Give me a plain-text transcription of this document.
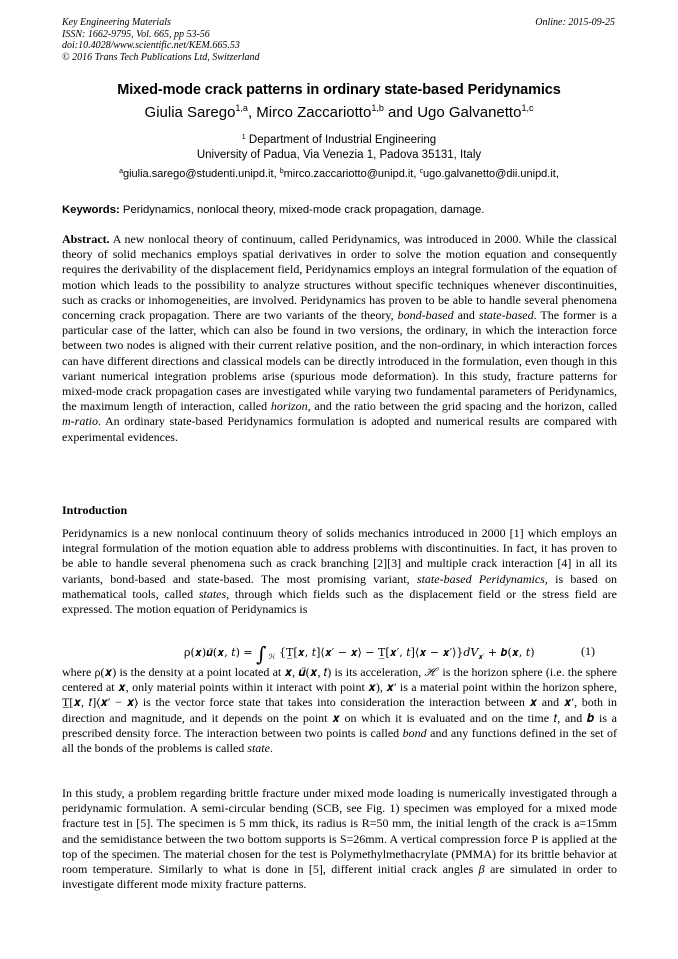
Key Engineering Materials
ISSN: 1662-9795, Vol. 665, pp 53-56
doi:10.4028/www.scientific.net/KEM.665.53
© 2016 Trans Tech Publications Ltd, Switzerland
Online: 2015-09-25
Mixed-mode crack patterns in ordinary state-based Peridynamics
Giulia Sarego$^{1,a}$, Mirco Zaccariotto$^{1,b}$ and Ugo Galvanetto$^{1,c}$
$^1$ Department of Industrial Engineering
University of Padua, Via Venezia 1, Padova 35131, Italy
$^a$giulia.sarego@studenti.unipd.it, $^b$mirco.zaccariotto@unipd.it, $^c$ugo.galvanetto@dii.unipd.it,
Keywords: Peridynamics, nonlocal theory, mixed-mode crack propagation, damage.
Abstract. A new nonlocal theory of continuum, called Peridynamics, was introduced in 2000. While the classical theory of solid mechanics employs spatial derivatives in order to solve the motion equation and consequently requires the derivability of the displacement field, Peridynamics employs an integral formulation of the equation of motion which leads to the possibility to analyze structures without specific techniques whenever discontinuities, such as cracks or inhomogeneities, are involved. Peridynamics has proven to be able to handle several phenomena concerning crack propagation. There are two variants of the theory, bond-based and state-based. The former is a particular case of the latter, which can also be found in two versions, the ordinary, in which the interaction force between two nodes is aligned with their current relative position, and the non-ordinary, in which interaction forces can have different directions and classical models can be directly introduced in the formulation, even though in this variant numerical integration problems arise (spurious mode deformation). In this study, fracture patterns for mixed-mode crack propagation cases are investigated while varying two fundamental parameters of Peridynamics, the maximum length of interaction, called horizon, and the ratio between the grid spacing and the horizon, called m-ratio. An ordinary state-based Peridynamics formulation is adopted and numerical results are compared with experimental evidences.
Introduction
Peridynamics is a new nonlocal continuum theory of solids mechanics introduced in 2000 [1] which employs an integral formulation of the motion equation able to address problems with discontinuities. In fact, it has proven to be able to handle several phenomena such as crack branching [2][3] and multiple crack interaction [4] in all its variants, bond-based and state-based. The most promising variant, state-based Peridynamics, is based on mathematical tools, called states, through which fields such as the displacement field or the stress field are expressed. The motion equation of Peridynamics is
ρ(𝒙)𝒖̈(𝒙, 𝑡) = ∫ $_ℋ$ {T̲[𝒙, 𝑡]⟨𝒙′ − 𝒙⟩ − T̲[𝒙′, 𝑡]⟨𝒙 − 𝒙′⟩}𝑑𝑉$_{𝒙'}$ + 𝒃(𝒙, 𝑡)	(1)
where ρ(𝒙) is the density at a point located at 𝒙, 𝒖̈(𝒙, 𝑡) is its acceleration, ℋ is the horizon sphere (i.e. the sphere centered at 𝒙, only material points within it interact with point 𝒙), 𝒙′ is a material point within the horizon sphere, T̲[𝒙, 𝑡]⟨𝒙′ − 𝒙⟩ is the vector force state that takes into consideration the interaction between 𝒙 and 𝒙′, both in direction and magnitude, and it depends on the point 𝒙 on which it is evaluated and on the time 𝑡, and 𝒃 is a prescribed density force. The interaction between two points is called bond and any functions defined in the set of all the bonds of the problems is called state.
In this study, a problem regarding brittle fracture under mixed mode loading is numerically investigated through a peridynamic formulation. A semi-circular bending (SCB, see Fig. 1) specimen was employed for a mixed mode fracture test in [5]. The specimen is 5 mm thick, its radius is R=50 mm, the initial length of the crack is a=15mm and the semidistance between the two bottom supports is S=26mm. A vertical compression force P is applied at the top of the specimen. The material chosen for the test is Polymethylmethacrylate (PMMA) for its brittle behavior at room temperature. Similarly to what is done in [5], different initial crack angles β are simulated in order to investigate different mode mixity fracture patterns.
